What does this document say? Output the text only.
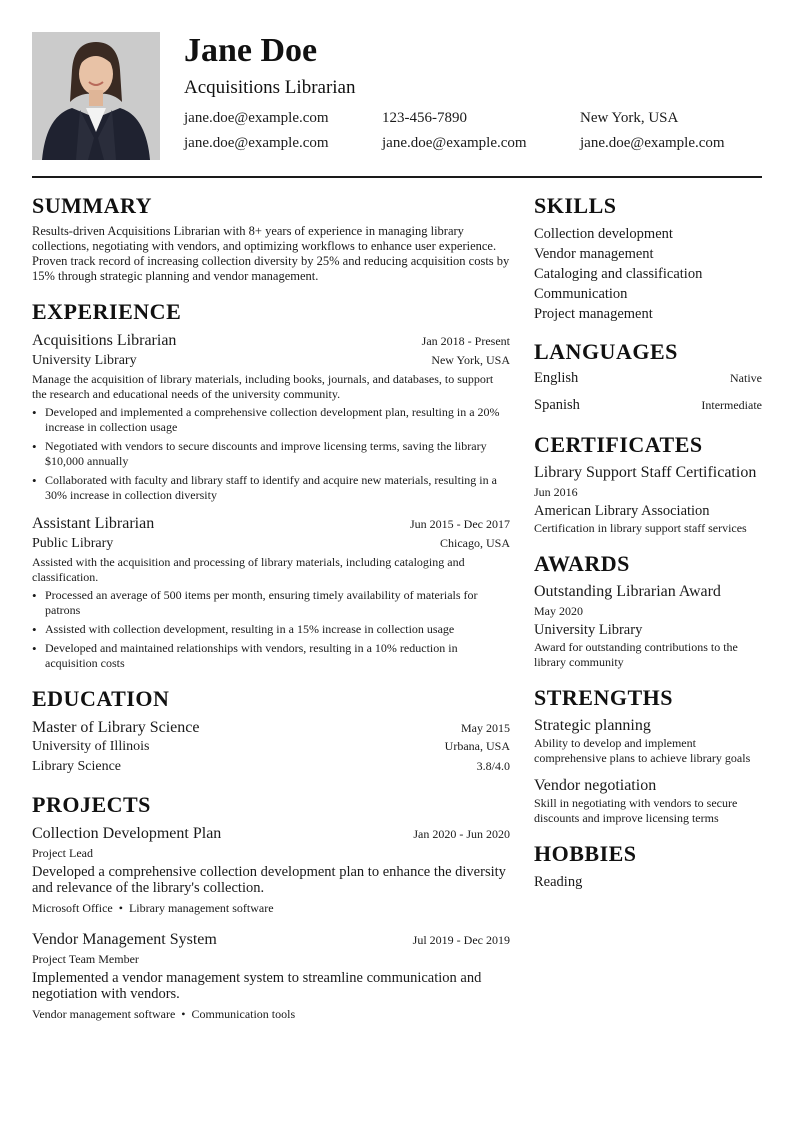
Jane Doe
Acquisitions Librarian
jane.doe@example.com	123-456-7890	New York, USA
jane.doe@example.com	jane.doe@example.com	jane.doe@example.com
SUMMARY
Results-driven Acquisitions Librarian with 8+ years of experience in managing library collections, negotiating with vendors, and optimizing workflows to enhance user experience. Proven track record of increasing collection diversity by 25% and reducing acquisition costs by 15% through strategic planning and vendor management.
EXPERIENCE
Acquisitions Librarian	Jan 2018 - Present
University Library	New York, USA
Manage the acquisition of library materials, including books, journals, and databases, to support the research and educational needs of the university community.
• Developed and implemented a comprehensive collection development plan, resulting in a 20% increase in collection usage
• Negotiated with vendors to secure discounts and improve licensing terms, saving the library $10,000 annually
• Collaborated with faculty and library staff to identify and acquire new materials, resulting in a 30% increase in collection diversity
Assistant Librarian	Jun 2015 - Dec 2017
Public Library	Chicago, USA
Assisted with the acquisition and processing of library materials, including cataloging and classification.
• Processed an average of 500 items per month, ensuring timely availability of materials for patrons
• Assisted with collection development, resulting in a 15% increase in collection usage
• Developed and maintained relationships with vendors, resulting in a 10% reduction in acquisition costs
EDUCATION
Master of Library Science	May 2015
University of Illinois	Urbana, USA
Library Science	3.8/4.0
PROJECTS
Collection Development Plan	Jan 2020 - Jun 2020
Project Lead
Developed a comprehensive collection development plan to enhance the diversity and relevance of the library's collection.
Microsoft Office • Library management software
Vendor Management System	Jul 2019 - Dec 2019
Project Team Member
Implemented a vendor management system to streamline communication and negotiation with vendors.
Vendor management software • Communication tools
SKILLS
Collection development
Vendor management
Cataloging and classification
Communication
Project management
LANGUAGES
English	Native
Spanish	Intermediate
CERTIFICATES
Library Support Staff Certification
Jun 2016
American Library Association
Certification in library support staff services
AWARDS
Outstanding Librarian Award
May 2020
University Library
Award for outstanding contributions to the library community
STRENGTHS
Strategic planning
Ability to develop and implement comprehensive plans to achieve library goals
Vendor negotiation
Skill in negotiating with vendors to secure discounts and improve licensing terms
HOBBIES
Reading
